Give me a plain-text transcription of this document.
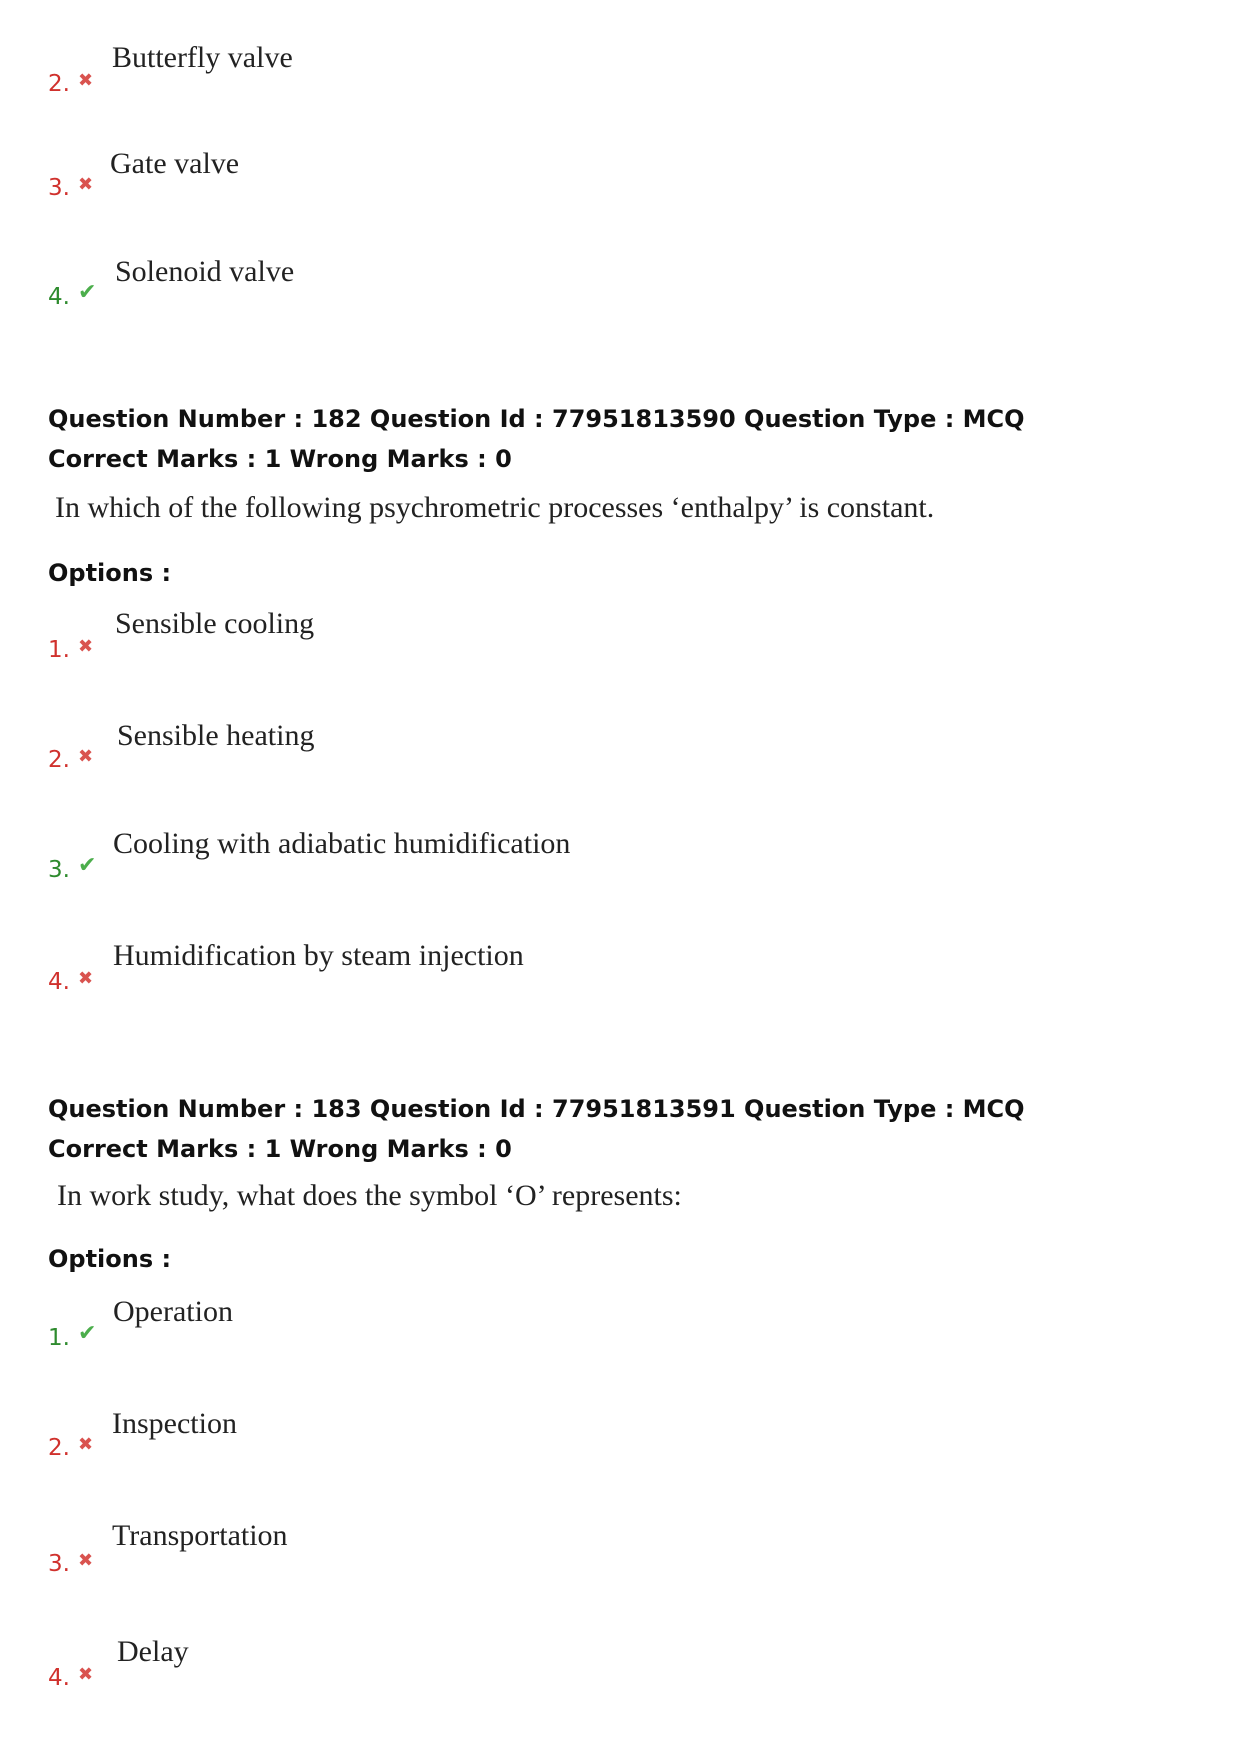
2. ✖
Butterfly valve
3. ✖
Gate valve
4. ✔
Solenoid valve
Question Number : 182 Question Id : 77951813590 Question Type : MCQ
Correct Marks : 1 Wrong Marks : 0
In which of the following psychrometric processes ‘enthalpy’ is constant.
Options :
1. ✖
Sensible cooling
2. ✖
Sensible heating
3. ✔
Cooling with adiabatic humidification
4. ✖
Humidification by steam injection
Question Number : 183 Question Id : 77951813591 Question Type : MCQ
Correct Marks : 1 Wrong Marks : 0
In work study, what does the symbol ‘O’ represents:
Options :
1. ✔
Operation
2. ✖
Inspection
3. ✖
Transportation
4. ✖
Delay
